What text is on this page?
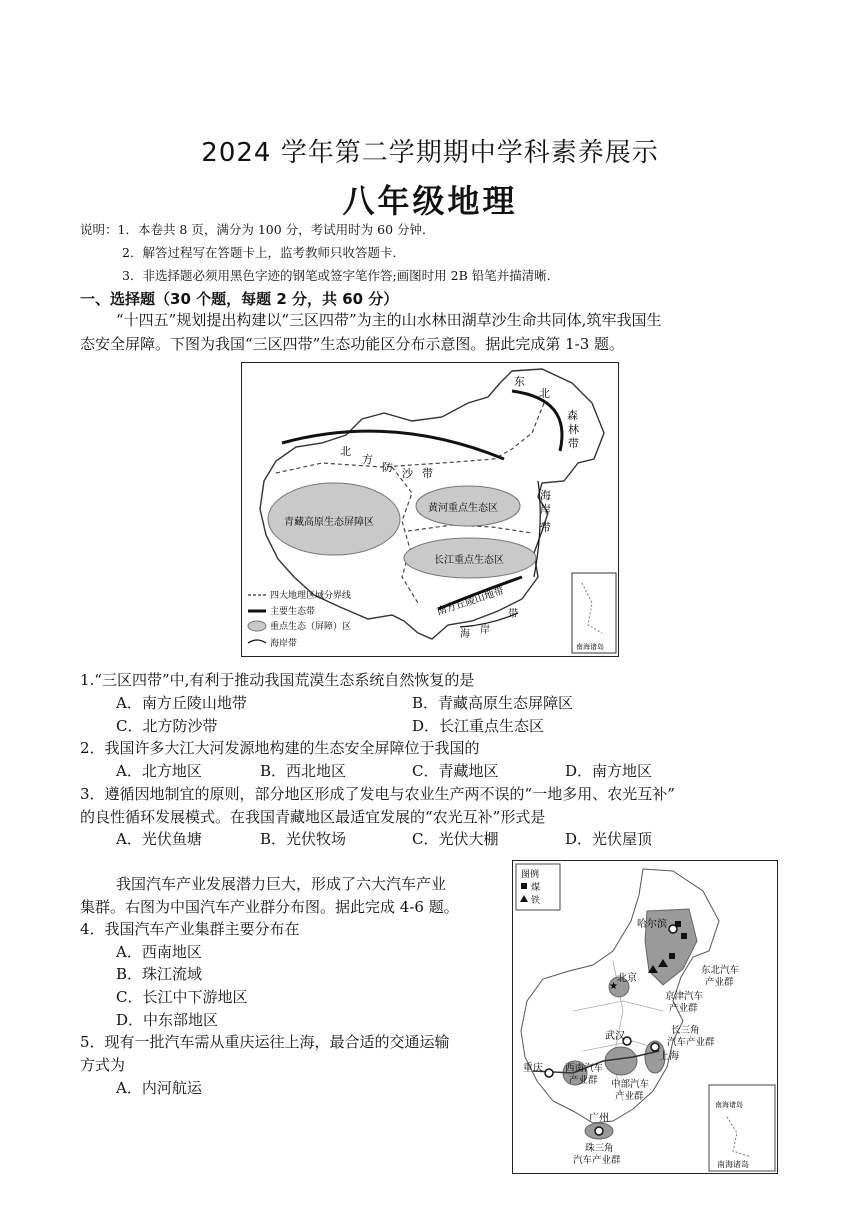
2024 学年第二学期期中学科素养展示
八年级地理
说明：1．本卷共 8 页，满分为 100 分，考试用时为 60 分钟．
2．解答过程写在答题卡上，监考教师只收答题卡．
3．非选择题必须用黑色字迹的钢笔或签字笔作答;画图时用 2B 铅笔并描清晰．
一、选择题（30 个题，每题 2 分，共 60 分）
“十四五”规划提出构建以“三区四带”为主的山水林田湖草沙生命共同体,筑牢我国生
态安全屏障。下图为我国“三区四带”生态功能区分布示意图。据此完成第 1-3 题。
东
北
森
林
带
北
方
防 沙 带
青藏高原生态屏障区
黄河重点生态区
长江重点生态区
海
岸
带
南方丘陵山地带
海 岸
带
四大地理区域分界线
主要生态带
重点生态（屏障）区
海岸带	南海诸岛
1.“三区四带”中,有利于推动我国荒漠生态系统自然恢复的是
A．南方丘陵山地带	B．青藏高原生态屏障区
C．北方防沙带	D．长江重点生态区
2．我国许多大江大河发源地构建的生态安全屏障位于我国的
A．北方地区	B．西北地区	C．青藏地区	D．南方地区
3．遵循因地制宜的原则，部分地区形成了发电与农业生产两不误的“一地多用、农光互补”
的良性循环发展模式。在我国青藏地区最适宜发展的“农光互补”形式是
A．光伏鱼塘	B．光伏牧场	C．光伏大棚	D．光伏屋顶
我国汽车产业发展潜力巨大，形成了六大汽车产业
集群。右图为中国汽车产业群分布图。据此完成 4-6 题。
4．我国汽车产业集群主要分布在
A．西南地区
B．珠江流域
C．长江中下游地区
D．中东部地区
5．现有一批汽车需从重庆运往上海，最合适的交通运输
方式为
A．内河航运
图例
煤
铁
★
哈尔滨
北京
武汉
上海
重庆
广州
东北汽车
产业群
京津汽车
产业群
长三角
汽车产业群
西南汽车
产业群 中部汽车
产业群
珠三角
汽车产业群
南海诸岛
南海诸岛
